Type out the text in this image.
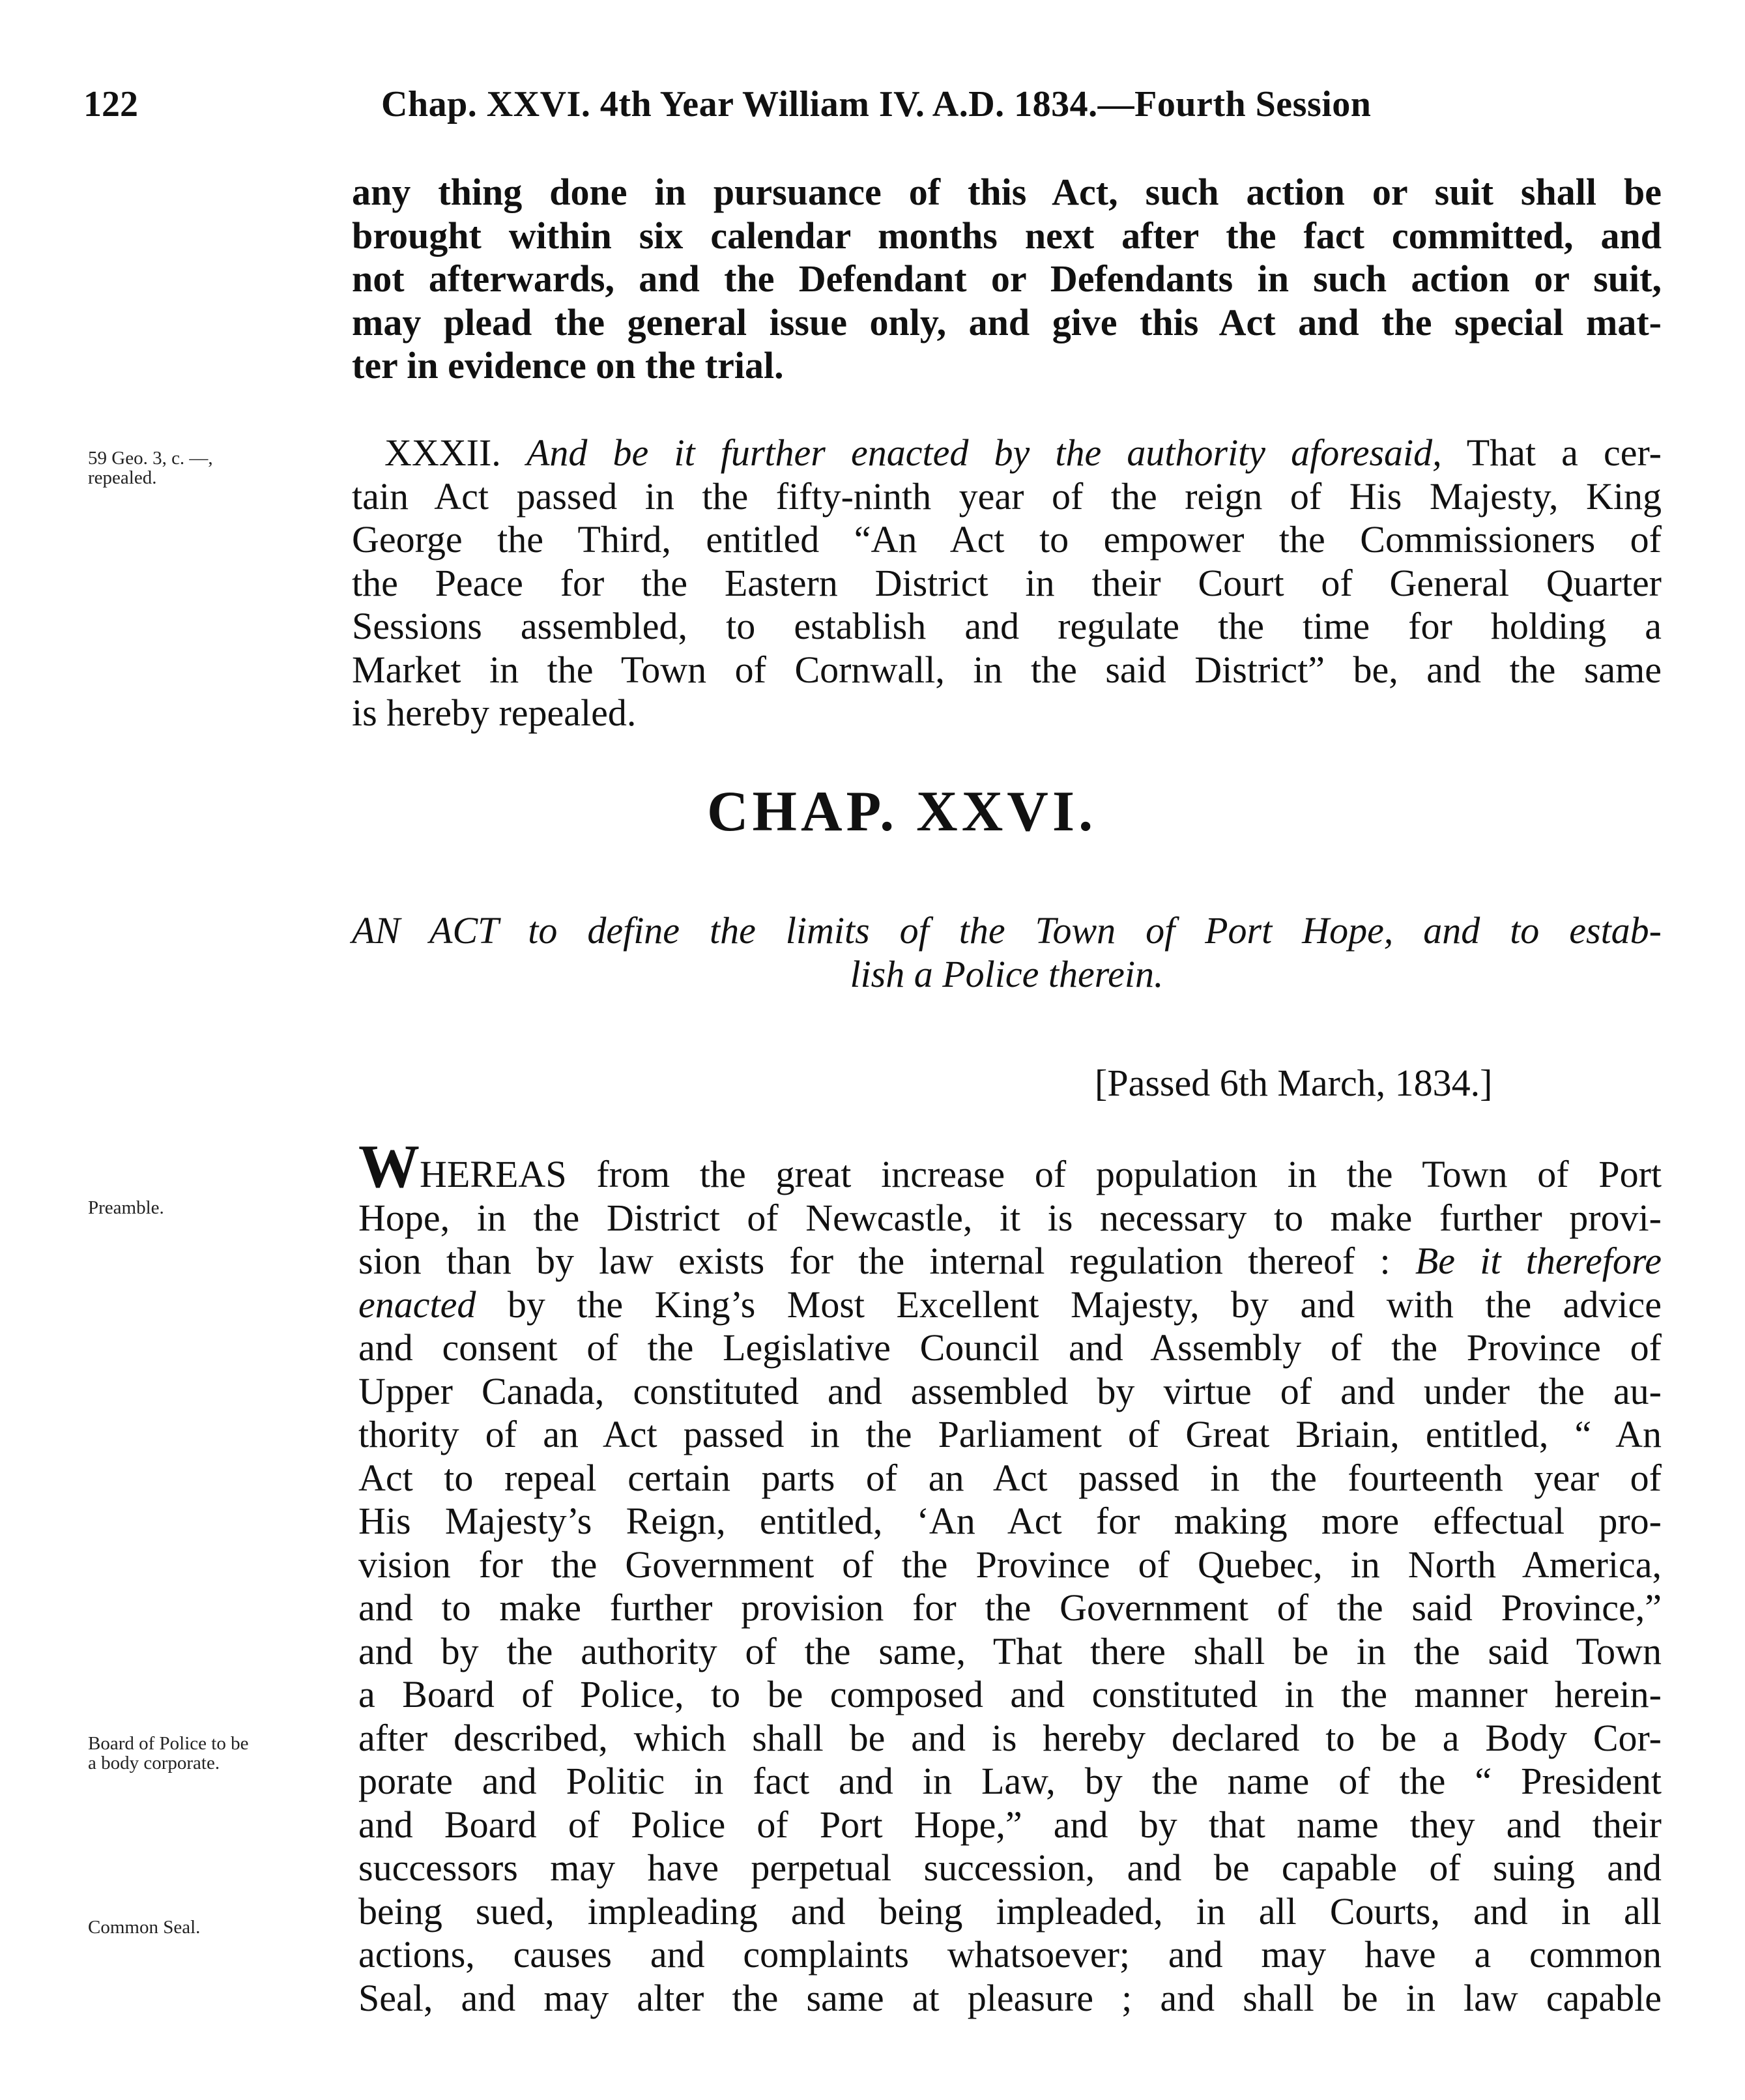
122	Chap. XXVI. 4th Year William IV. A.D. 1834.—Fourth Session
any thing done in pursuance of this Act, such action or suit shall be
brought within six calendar months next after the fact committed, and
not afterwards, and the Defendant or Defendants in such action or suit,
may plead the general issue only, and give this Act and the special mat-
ter in evidence on the trial.
59 Geo. 3, c. —,
repealed.
XXXII. And be it further enacted by the authority aforesaid, That a cer-
tain Act passed in the fifty-ninth year of the reign of His Majesty, King
George the Third, entitled “An Act to empower the Commissioners of
the Peace for the Eastern District in their Court of General Quarter
Sessions assembled, to establish and regulate the time for holding a
Market in the Town of Cornwall, in the said District” be, and the same
is hereby repealed.
CHAP. XXVI.
AN ACT to define the limits of the Town of Port Hope, and to estab-
lish a Police therein.
[Passed 6th March, 1834.]
Preamble.
Board of Police to be
a body corporate.
Common Seal.
WHEREAS from the great increase of population in the Town of Port
Hope, in the District of Newcastle, it is necessary to make further provi-
sion than by law exists for the internal regulation thereof : Be it therefore
enacted by the King’s Most Excellent Majesty, by and with the advice
and consent of the Legislative Council and Assembly of the Province of
Upper Canada, constituted and assembled by virtue of and under the au-
thority of an Act passed in the Parliament of Great Briain, entitled, “ An
Act to repeal certain parts of an Act passed in the fourteenth year of
His Majesty’s Reign, entitled, ‘An Act for making more effectual pro-
vision for the Government of the Province of Quebec, in North America,
and to make further provision for the Government of the said Province,”
and by the authority of the same, That there shall be in the said Town
a Board of Police, to be composed and constituted in the manner herein-
after described, which shall be and is hereby declared to be a Body Cor-
porate and Politic in fact and in Law, by the name of the “ President
and Board of Police of Port Hope,” and by that name they and their
successors may have perpetual succession, and be capable of suing and
being sued, impleading and being impleaded, in all Courts, and in all
actions, causes and complaints whatsoever; and may have a common
Seal, and may alter the same at pleasure ; and shall be in law capable
